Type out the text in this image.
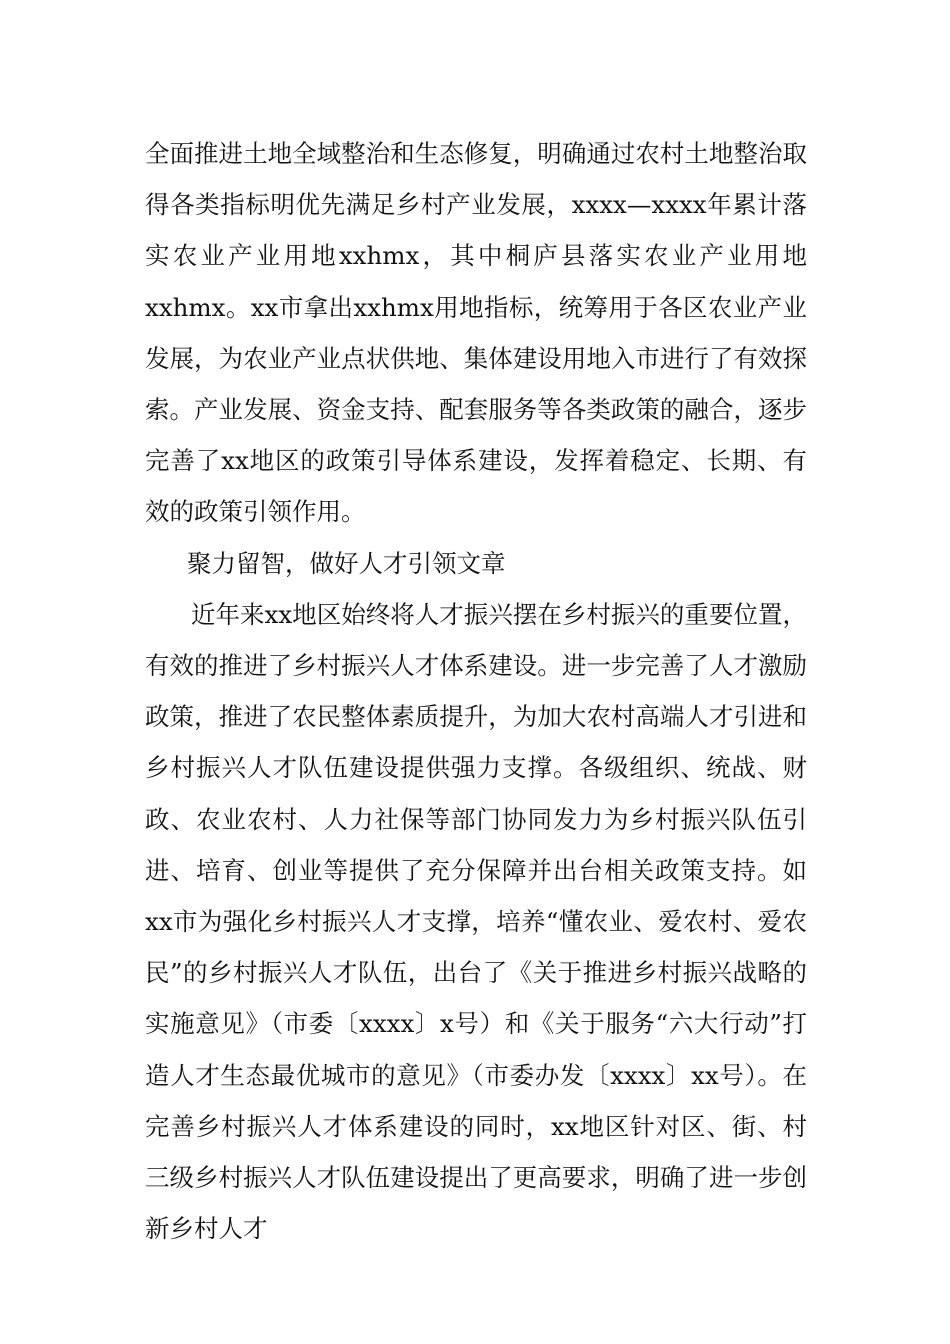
全面推进土地全域整治和生态修复，明确通过农村土地整治取得各类指标明优先满足乡村产业发展，xxxx—xxxx年累计落实农业产业用地xxhmx，其中桐庐县落实农业产业用地xxhmx。xx市拿出xxhmx用地指标，统筹用于各区农业产业发展，为农业产业点状供地、集体建设用地入市进行了有效探索。产业发展、资金支持、配套服务等各类政策的融合，逐步完善了xx地区的政策引导体系建设，发挥着稳定、长期、有效的政策引领作用。

聚力留智，做好人才引领文章

近年来xx地区始终将人才振兴摆在乡村振兴的重要位置，有效的推进了乡村振兴人才体系建设。进一步完善了人才激励政策，推进了农民整体素质提升，为加大农村高端人才引进和乡村振兴人才队伍建设提供强力支撑。各级组织、统战、财政、农业农村、人力社保等部门协同发力为乡村振兴队伍引进、培育、创业等提供了充分保障并出台相关政策支持。如xx市为强化乡村振兴人才支撑，培养“懂农业、爱农村、爱农民”的乡村振兴人才队伍，出台了《关于推进乡村振兴战略的实施意见》（市委〔xxxx〕x号）和《关于服务“六大行动”打造人才生态最优城市的意见》（市委办发〔xxxx〕xx号）。在完善乡村振兴人才体系建设的同时，xx地区针对区、街、村三级乡村振兴人才队伍建设提出了更高要求，明确了进一步创新乡村人才
